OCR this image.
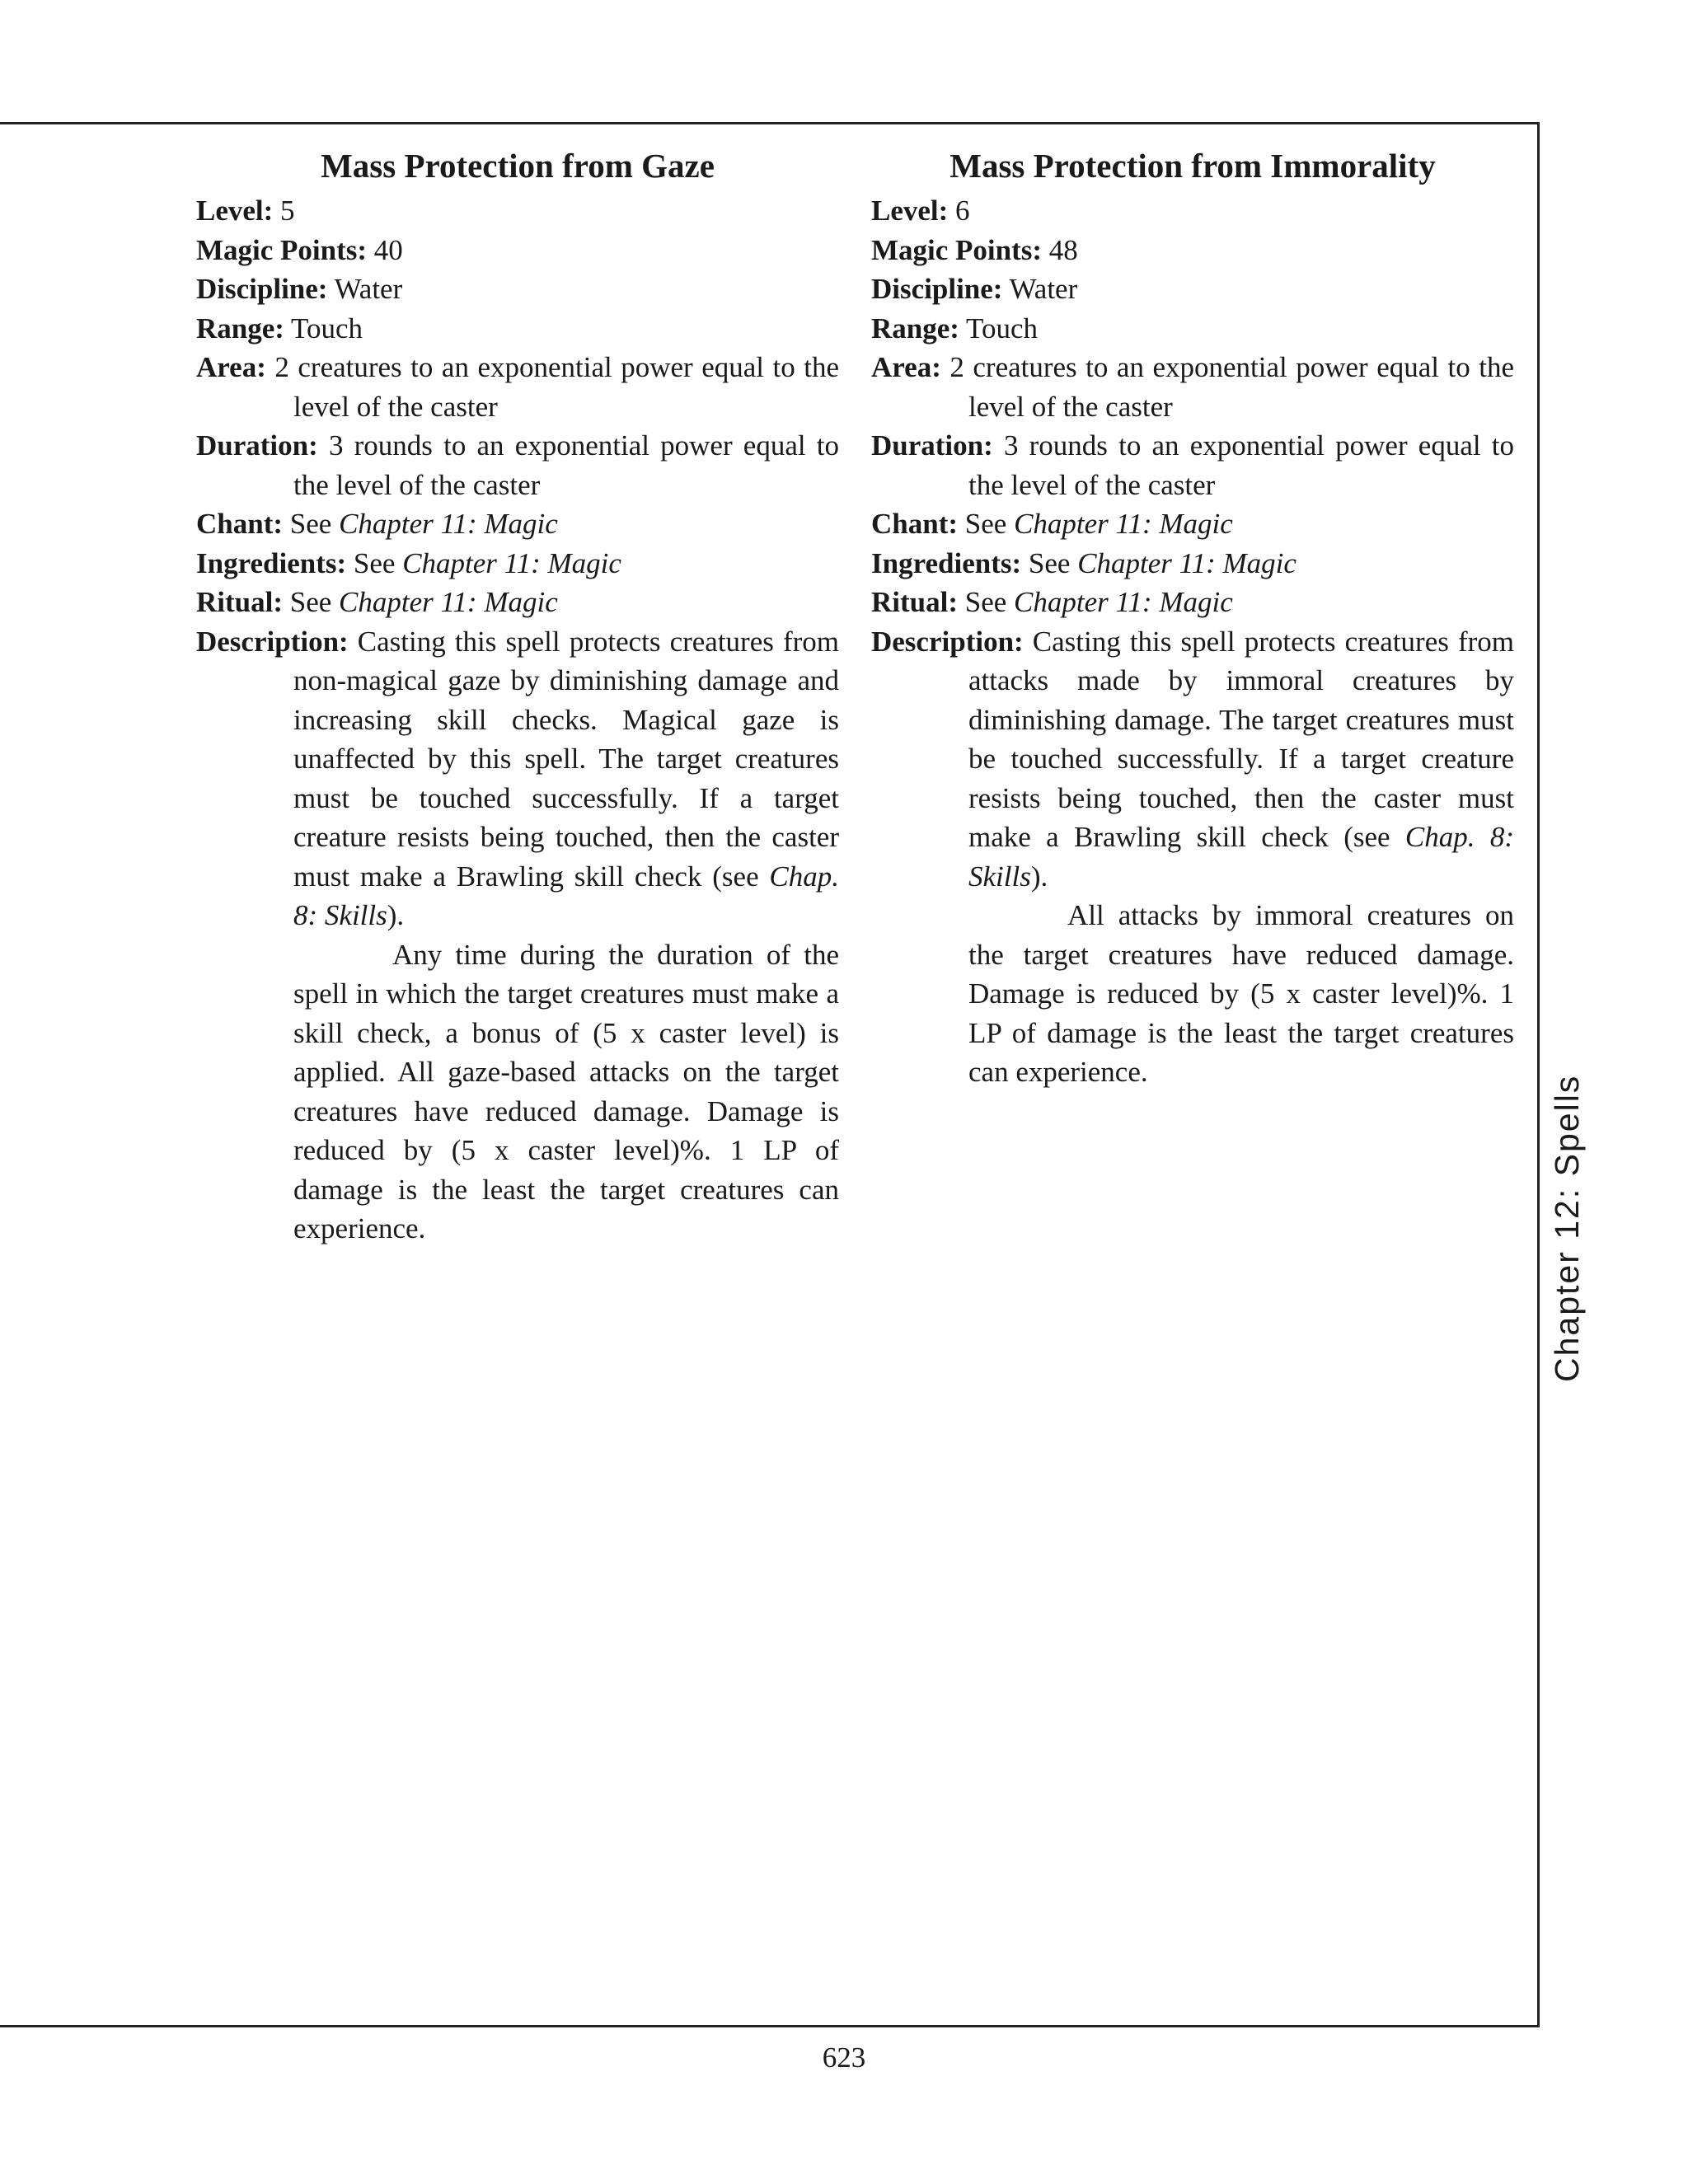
Mass Protection from Gaze

Level: 5

Magic Points: 40

Discipline: Water

Range: Touch

Area: 2 creatures to an exponential power equal to the level of the caster

Duration: 3 rounds to an exponential power equal to the level of the caster

Chant: See Chapter 11: Magic

Ingredients: See Chapter 11: Magic

Ritual: See Chapter 11: Magic

Description: Casting this spell protects creatures from non-magical gaze by diminishing damage and increasing skill checks. Magical gaze is unaffected by this spell. The target creatures must be touched successfully. If a target creature resists being touched, then the caster must make a Brawling skill check (see Chap. 8: Skills).

Any time during the duration of the spell in which the target creatures must make a skill check, a bonus of (5 x caster level) is applied. All gaze-based attacks on the target creatures have reduced damage. Damage is reduced by (5 x caster level)%. 1 LP of damage is the least the target creatures can experience.

Mass Protection from Immorality

Level: 6

Magic Points: 48

Discipline: Water

Range: Touch

Area: 2 creatures to an exponential power equal to the level of the caster

Duration: 3 rounds to an exponential power equal to the level of the caster

Chant: See Chapter 11: Magic

Ingredients: See Chapter 11: Magic

Ritual: See Chapter 11: Magic

Description: Casting this spell protects creatures from attacks made by immoral creatures by diminishing damage. The target creatures must be touched successfully. If a target creature resists being touched, then the caster must make a Brawling skill check (see Chap. 8: Skills).

All attacks by immoral creatures on the target creatures have reduced damage. Damage is reduced by (5 x caster level)%. 1 LP of damage is the least the target creatures can experience.

Chapter 12: Spells
623
